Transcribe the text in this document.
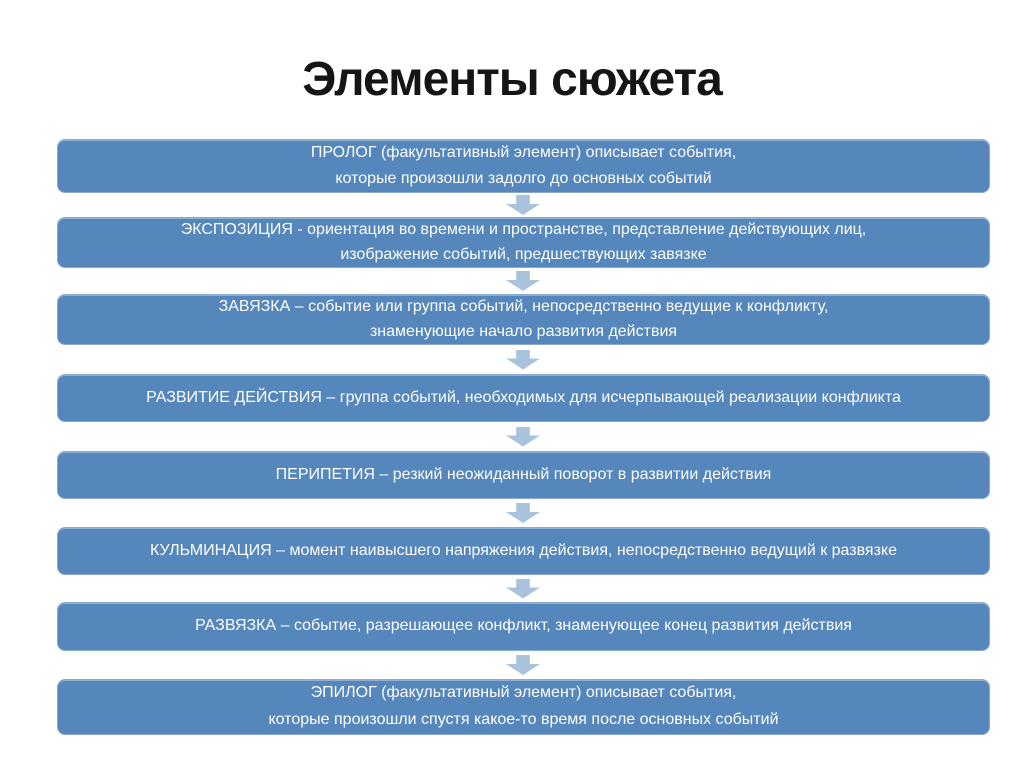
Элементы сюжета
ПРОЛОГ (факультативный элемент) описывает события,
которые произошли задолго до основных событий
ЭКСПОЗИЦИЯ - ориентация во времени и пространстве, представление действующих лиц,
изображение событий, предшествующих завязке
ЗАВЯЗКА – событие или группа событий, непосредственно ведущие к конфликту,
знаменующие начало развития действия
РАЗВИТИЕ ДЕЙСТВИЯ – группа событий, необходимых для исчерпывающей реализации конфликта
ПЕРИПЕТИЯ – резкий неожиданный поворот в развитии действия
КУЛЬМИНАЦИЯ – момент наивысшего напряжения действия, непосредственно ведущий к развязке
РАЗВЯЗКА – событие, разрешающее конфликт, знаменующее конец развития действия
ЭПИЛОГ (факультативный элемент) описывает события,
которые произошли спустя какое-то время после основных событий
